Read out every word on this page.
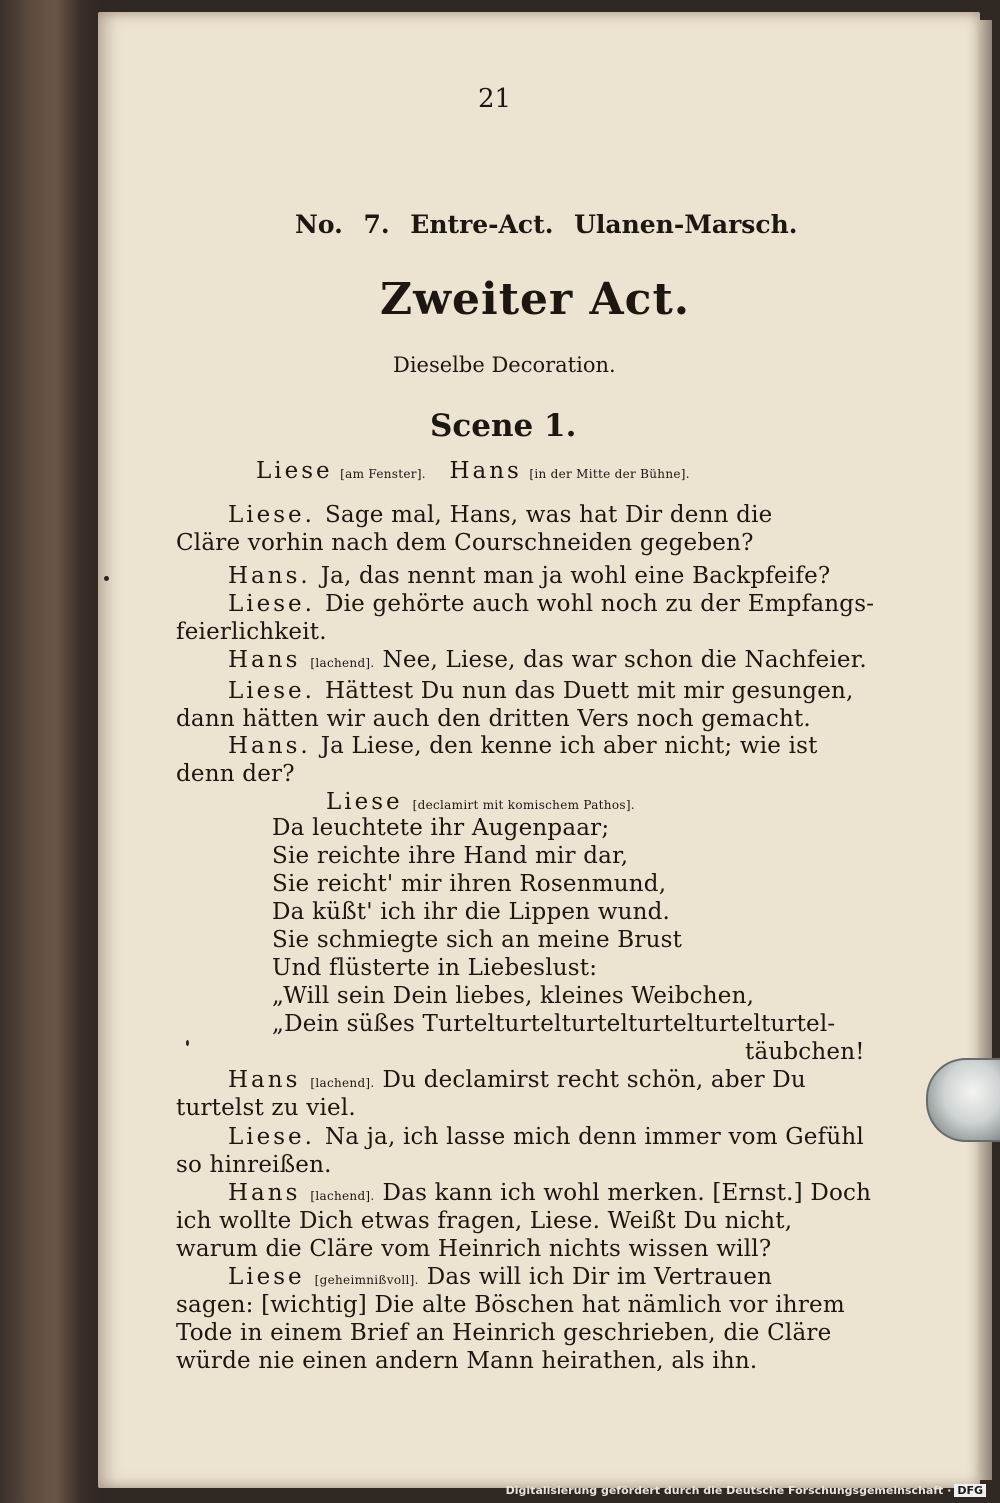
21
No. 7. Entre-Act. Ulanen-Marsch.
Zweiter Act.
Dieselbe Decoration.
Scene 1.
Liese [am Fenster]. Hans [in der Mitte der Bühne].
Liese. Sage mal, Hans, was hat Dir denn die
Cläre vorhin nach dem Courschneiden gegeben?
Hans. Ja, das nennt man ja wohl eine Backpfeife?
Liese. Die gehörte auch wohl noch zu der Empfangs-
feierlichkeit.
Hans [lachend]. Nee, Liese, das war schon die Nachfeier.
Liese. Hättest Du nun das Duett mit mir gesungen,
dann hätten wir auch den dritten Vers noch gemacht.
Hans. Ja Liese, den kenne ich aber nicht; wie ist
denn der?
Liese [declamirt mit komischem Pathos].
Da leuchtete ihr Augenpaar;
Sie reichte ihre Hand mir dar,
Sie reicht' mir ihren Rosenmund,
Da küßt' ich ihr die Lippen wund.
Sie schmiegte sich an meine Brust
Und flüsterte in Liebeslust:
„Will sein Dein liebes, kleines Weibchen,
„Dein süßes Turtelturtelturtelturtelturtelturtel-
täubchen!
Hans [lachend]. Du declamirst recht schön, aber Du
turtelst zu viel.
Liese. Na ja, ich lasse mich denn immer vom Gefühl
so hinreißen.
Hans [lachend]. Das kann ich wohl merken. [Ernst.] Doch
ich wollte Dich etwas fragen, Liese. Weißt Du nicht,
warum die Cläre vom Heinrich nichts wissen will?
Liese [geheimnißvoll]. Das will ich Dir im Vertrauen
sagen: [wichtig] Die alte Böschen hat nämlich vor ihrem
Tode in einem Brief an Heinrich geschrieben, die Cläre
würde nie einen andern Mann heirathen, als ihn.
Digitalisierung gefördert durch die Deutsche Forschungsgemeinschaft · DFG
